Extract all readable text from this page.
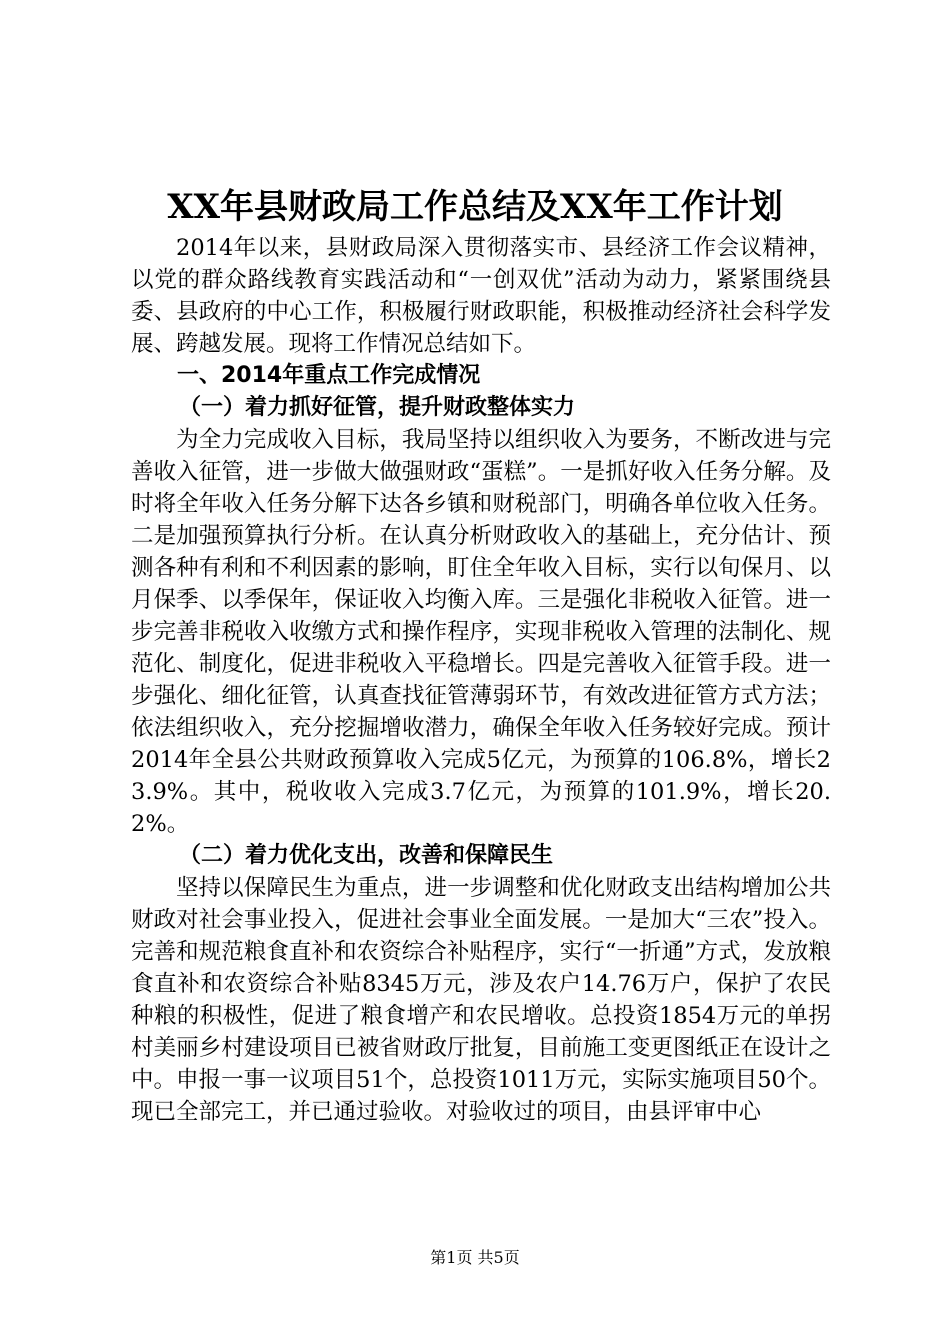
XX年县财政局工作总结及XX年工作计划

2014年以来，县财政局深入贯彻落实市、县经济工作会议精神，以党的群众路线教育实践活动和“一创双优”活动为动力，紧紧围绕县委、县政府的中心工作，积极履行财政职能，积极推动经济社会科学发展、跨越发展。现将工作情况总结如下。

一、2014年重点工作完成情况

（一）着力抓好征管，提升财政整体实力

为全力完成收入目标，我局坚持以组织收入为要务，不断改进与完善收入征管，进一步做大做强财政“蛋糕”。一是抓好收入任务分解。及时将全年收入任务分解下达各乡镇和财税部门，明确各单位收入任务。二是加强预算执行分析。在认真分析财政收入的基础上，充分估计、预测各种有利和不利因素的影响，盯住全年收入目标，实行以旬保月、以月保季、以季保年，保证收入均衡入库。三是强化非税收入征管。进一步完善非税收入收缴方式和操作程序，实现非税收入管理的法制化、规范化、制度化，促进非税收入平稳增长。四是完善收入征管手段。进一步强化、细化征管，认真查找征管薄弱环节，有效改进征管方式方法；依法组织收入，充分挖掘增收潜力，确保全年收入任务较好完成。预计2014年全县公共财政预算收入完成5亿元，为预算的106.8%，增长23.9%。其中，税收收入完成3.7亿元，为预算的101.9%，增长20.2%。

（二）着力优化支出，改善和保障民生

坚持以保障民生为重点，进一步调整和优化财政支出结构增加公共财政对社会事业投入，促进社会事业全面发展。一是加大“三农”投入。完善和规范粮食直补和农资综合补贴程序，实行“一折通”方式，发放粮食直补和农资综合补贴8345万元，涉及农户14.76万户，保护了农民种粮的积极性，促进了粮食增产和农民增收。总投资1854万元的单拐村美丽乡村建设项目已被省财政厅批复，目前施工变更图纸正在设计之中。申报一事一议项目51个，总投资1011万元，实际实施项目50个。现已全部完工，并已通过验收。对验收过的项目，由县评审中心

第1页 共5页
